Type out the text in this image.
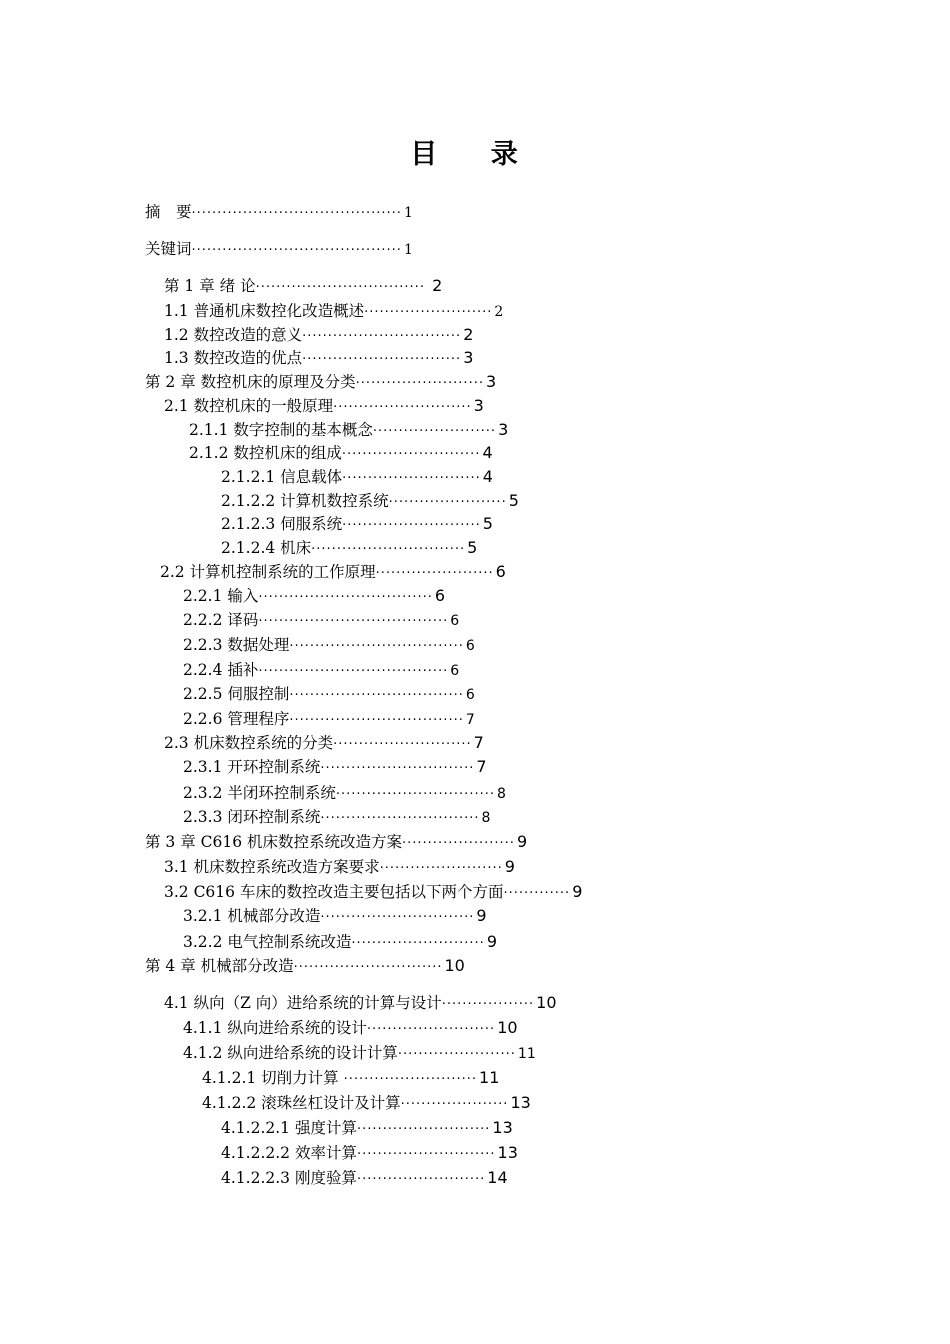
目 录
摘　要········································· 1
关键词········································· 1
第 1 章 绪 论································· 2
1.1 普通机床数控化改造概述························· 2
1.2 数控改造的意义······························· 2
1.3 数控改造的优点······························· 3
第 2 章 数控机床的原理及分类························· 3
2.1 数控机床的一般原理··························· 3
2.1.1 数字控制的基本概念························ 3
2.1.2 数控机床的组成··························· 4
2.1.2.1 信息载体··························· 4
2.1.2.2 计算机数控系统······················· 5
2.1.2.3 伺服系统··························· 5
2.1.2.4 机床······························ 5
2.2 计算机控制系统的工作原理······················· 6
2.2.1 输入·································· 6
2.2.2 译码····································· 6
2.2.3 数据处理·································· 6
2.2.4 插补····································· 6
2.2.5 伺服控制·································· 6
2.2.6 管理程序·································· 7
2.3 机床数控系统的分类··························· 7
2.3.1 开环控制系统······························ 7
2.3.2 半闭环控制系统······························· 8
2.3.3 闭环控制系统······························· 8
第 3 章 C616 机床数控系统改造方案······················ 9
3.1 机床数控系统改造方案要求························ 9
3.2 C616 车床的数控改造主要包括以下两个方面············· 9
3.2.1 机械部分改造······························ 9
3.2.2 电气控制系统改造·························· 9
第 4 章 机械部分改造····························· 10
4.1 纵向（Z 向）进给系统的计算与设计·················· 10
4.1.1 纵向进给系统的设计························· 10
4.1.2 纵向进给系统的设计计算······················· 11
4.1.2.1 切削力计算 ·························· 11
4.1.2.2 滚珠丝杠设计及计算····················· 13
4.1.2.2.1 强度计算·························· 13
4.1.2.2.2 效率计算··························· 13
4.1.2.2.3 刚度验算························· 14
